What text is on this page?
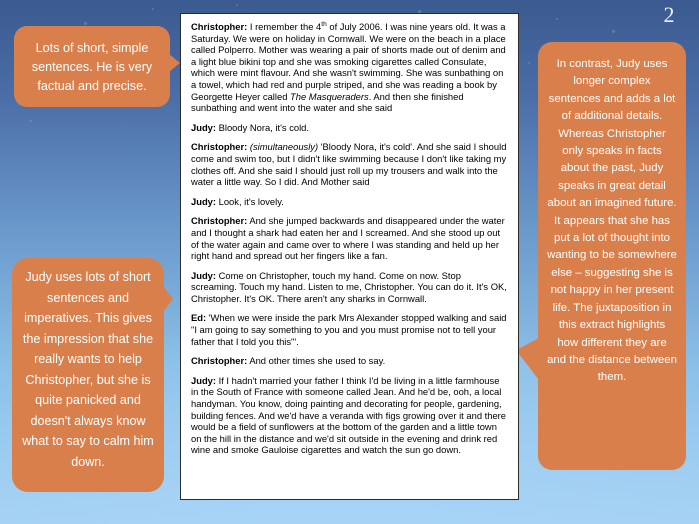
2
Lots of short, simple sentences. He is very factual and precise.
Judy uses lots of short sentences and imperatives. This gives the impression that she really wants to help Christopher, but she is quite panicked and doesn't always know what to say to calm him down.
In contrast, Judy uses longer complex sentences and adds a lot of additional details. Whereas Christopher only speaks in facts about the past, Judy speaks in great detail about an imagined future. It appears that she has put a lot of thought into wanting to be somewhere else – suggesting she is not happy in her present life. The juxtaposition in this extract highlights how different they are and the distance between them.

Christopher: I remember the 4th of July 2006. I was nine years old. It was a Saturday. We were on holiday in Cornwall. We were on the beach in a place called Polperro. Mother was wearing a pair of shorts made out of denim and a light blue bikini top and she was smoking cigarettes called Consulate, which were mint flavour. And she wasn't swimming. She was sunbathing on a towel, which had red and purple striped, and she was reading a book by Georgette Heyer called The Masqueraders. And then she finished sunbathing and went into the water and she said

Judy: Bloody Nora, it's cold.

Christopher: (simultaneously) 'Bloody Nora, it's cold'. And she said I should come and swim too, but I didn't like swimming because I don't like taking my clothes off. And she said I should just roll up my trousers and walk into the water a little way. So I did. And Mother said

Judy: Look, it's lovely.

Christopher: And she jumped backwards and disappeared under the water and I thought a shark had eaten her and I screamed. And she stood up out of the water again and came over to where I was standing and held up her right hand and spread out her fingers like a fan.

Judy: Come on Christopher, touch my hand. Come on now. Stop screaming. Touch my hand. Listen to me, Christopher. You can do it. It's OK, Christopher. It's OK. There aren't any sharks in Cornwall.

Ed: 'When we were inside the park Mrs Alexander stopped walking and said "I am going to say something to you and you must promise not to tell your father that I told you this"'.

Christopher: And other times she used to say.

Judy: If I hadn't married your father I think I'd be living in a little farmhouse in the South of France with someone called Jean. And he'd be, ooh, a local handyman. You know, doing painting and decorating for people, gardening, building fences. And we'd have a veranda with figs growing over it and there would be a field of sunflowers at the bottom of the garden and a little town on the hill in the distance and we'd sit outside in the evening and drink red wine and smoke Gauloise cigarettes and watch the sun go down.
